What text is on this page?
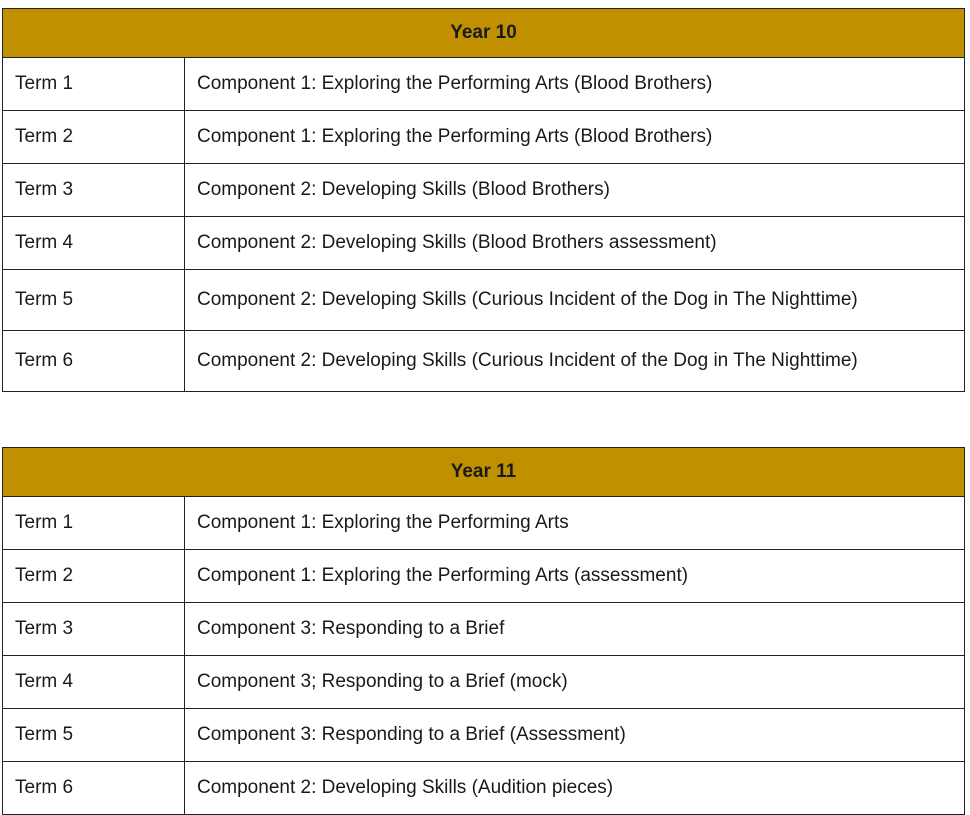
Year 10	
Term 1	Component 1: Exploring the Performing Arts (Blood Brothers)
Term 2	Component 1: Exploring the Performing Arts (Blood Brothers)
Term 3	Component 2: Developing Skills (Blood Brothers)
Term 4	Component 2: Developing Skills (Blood Brothers assessment)
Term 5	Component 2: Developing Skills (Curious Incident of the Dog in The Nighttime)
Term 6	Component 2: Developing Skills (Curious Incident of the Dog in The Nighttime)
Year 11	
Term 1	Component 1: Exploring the Performing Arts
Term 2	Component 1: Exploring the Performing Arts (assessment)
Term 3	Component 3: Responding to a Brief
Term 4	Component 3; Responding to a Brief (mock)
Term 5	Component 3: Responding to a Brief (Assessment)
Term 6	Component 2: Developing Skills (Audition pieces)
